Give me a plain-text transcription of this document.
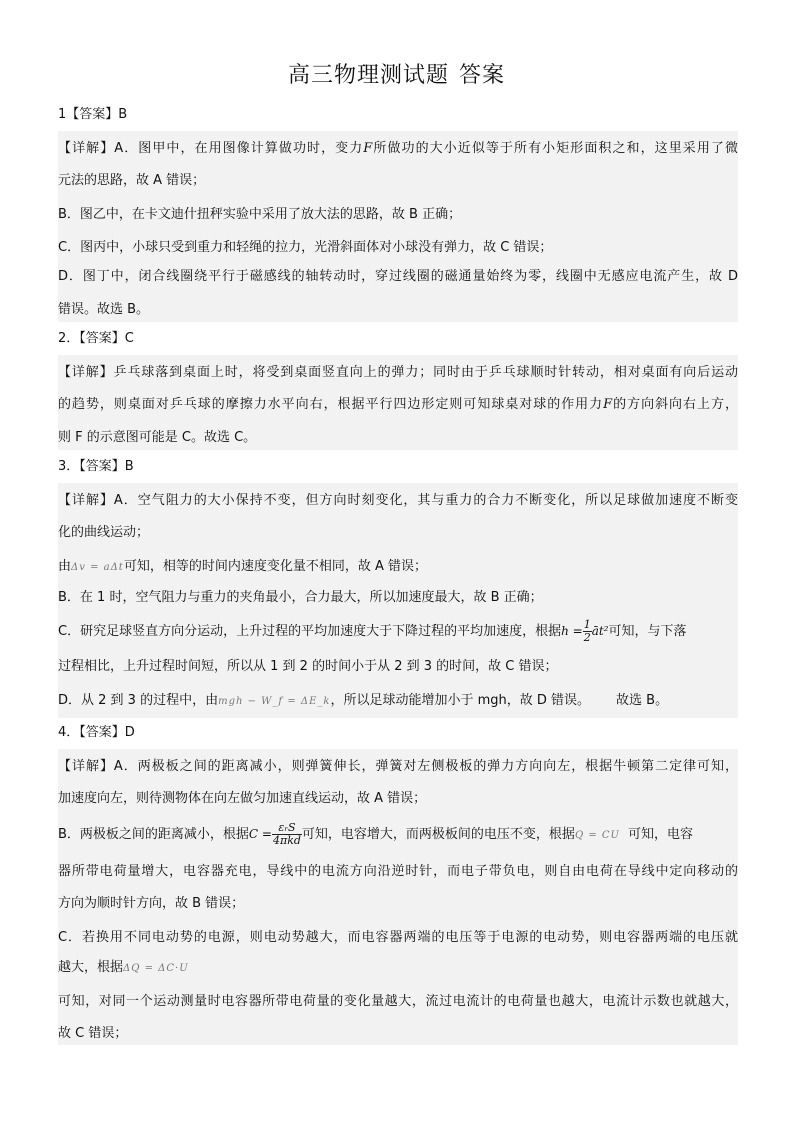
高三物理测试题 答案
1【答案】B
【详解】A．图甲中，在用图像计算做功时，变力F所做功的大小近似等于所有小矩形面积之和，这里采用了微
元法的思路，故 A 错误；
B．图乙中，在卡文迪什扭秤实验中采用了放大法的思路，故 B 正确；
C．图丙中，小球只受到重力和轻绳的拉力，光滑斜面体对小球没有弹力，故 C 错误；
D．图丁中，闭合线圈绕平行于磁感线的轴转动时，穿过线圈的磁通量始终为零，线圈中无感应电流产生，故 D
错误。故选 B。
2．【答案】C
【详解】乒乓球落到桌面上时，将受到桌面竖直向上的弹力；同时由于乒乓球顺时针转动，相对桌面有向后运动
的趋势，则桌面对乒乓球的摩擦力水平向右，根据平行四边形定则可知球桌对球的作用力F的方向斜向右上方，
则 F 的示意图可能是 C。故选 C。
3．【答案】B
【详解】A．空气阻力的大小保持不变，但方向时刻变化，其与重力的合力不断变化，所以足球做加速度不断变
化的曲线运动；
由Δv = aΔt可知，相等的时间内速度变化量不相同，故 A 错误；
B．在 1 时，空气阻力与重力的夹角最小，合力最大，所以加速度最大，故 B 正确；
C．研究足球竖直方向分运动，上升过程的平均加速度大于下降过程的平均加速度，根据$h = \frac{1}{2}$ āt²可知，与下落
过程相比，上升过程时间短，所以从 1 到 2 的时间小于从 2 到 3 的时间，故 C 错误；
D．从 2 到 3 的过程中，由mgh − W_f = ΔE_k，所以足球动能增加小于 mgh，故 D 错误。 故选 B。
4．【答案】D
【详解】A．两极板之间的距离减小，则弹簧伸长，弹簧对左侧极板的弹力方向向左，根据牛顿第二定律可知，
加速度向左，则待测物体在向左做匀加速直线运动，故 A 错误；
B．两极板之间的距离减小，根据$C = \frac{\text{εᵣS}}{\text{4πkd}}$ 可知，电容增大，而两极板间的电压不变，根据Q = CU 可知，电容
器所带电荷量增大，电容器充电，导线中的电流方向沿逆时针，而电子带负电，则自由电荷在导线中定向移动的
方向为顺时针方向，故 B 错误；
C．若换用不同电动势的电源，则电动势越大，而电容器两端的电压等于电源的电动势，则电容器两端的电压就
越大，根据ΔQ = ΔC·U
可知，对同一个运动测量时电容器所带电荷量的变化量越大，流过电流计的电荷量也越大，电流计示数也就越大，
故 C 错误；
